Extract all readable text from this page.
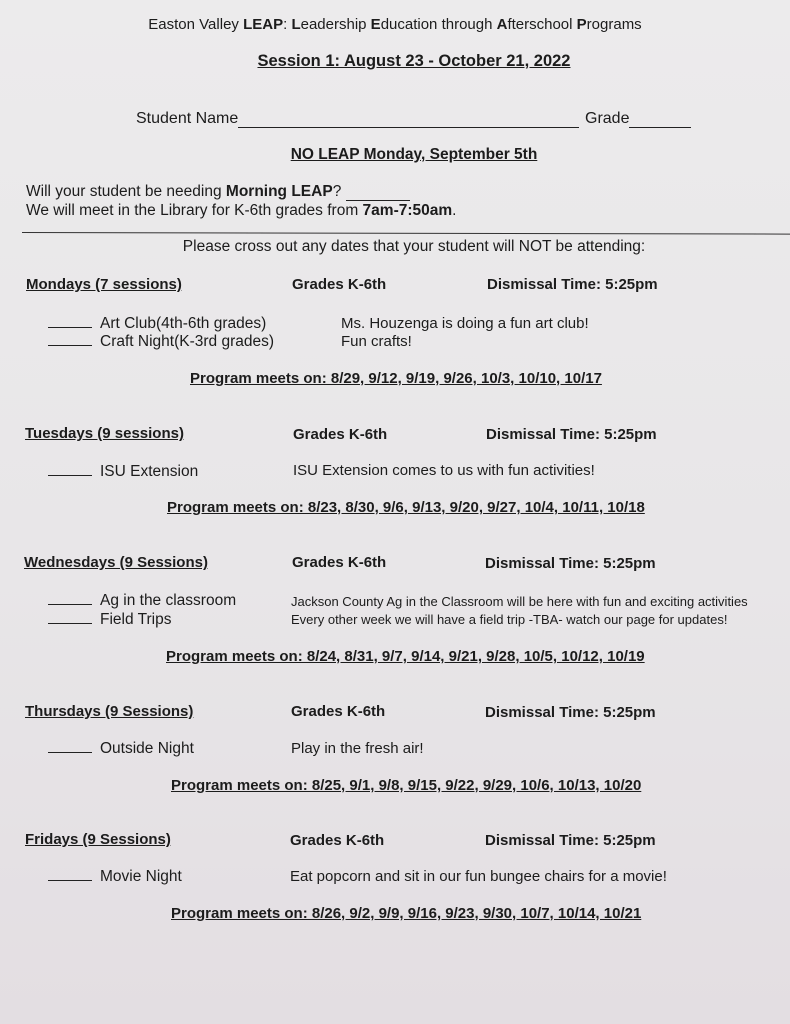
Easton Valley LEAP: Leadership Education through Afterschool Programs
Session 1: August 23 - October 21, 2022
Student Name	Grade
NO LEAP Monday, September 5th
Will your student be needing Morning LEAP?
We will meet in the Library for K-6th grades from 7am-7:50am.
Please cross out any dates that your student will NOT be attending:
Mondays (7 sessions)	Grades K-6th	Dismissal Time: 5:25pm
Art Club(4th-6th grades)	Ms. Houzenga is doing a fun art club!
Craft Night(K-3rd grades)	Fun crafts!
Program meets on: 8/29, 9/12, 9/19, 9/26, 10/3, 10/10, 10/17
Tuesdays (9 sessions)	Grades K-6th	Dismissal Time: 5:25pm
ISU Extension	ISU Extension comes to us with fun activities!
Program meets on: 8/23, 8/30, 9/6, 9/13, 9/20, 9/27, 10/4, 10/11, 10/18
Wednesdays (9 Sessions)	Grades K-6th	Dismissal Time: 5:25pm
Ag in the classroom	Jackson County Ag in the Classroom will be here with fun and exciting activities
Field Trips	Every other week we will have a field trip -TBA- watch our page for updates!
Program meets on: 8/24, 8/31, 9/7, 9/14, 9/21, 9/28, 10/5, 10/12, 10/19
Thursdays (9 Sessions)	Grades K-6th	Dismissal Time: 5:25pm
Outside Night	Play in the fresh air!
Program meets on: 8/25, 9/1, 9/8, 9/15, 9/22, 9/29, 10/6, 10/13, 10/20
Fridays (9 Sessions)	Grades K-6th	Dismissal Time: 5:25pm
Movie Night	Eat popcorn and sit in our fun bungee chairs for a movie!
Program meets on: 8/26, 9/2, 9/9, 9/16, 9/23, 9/30, 10/7, 10/14, 10/21
